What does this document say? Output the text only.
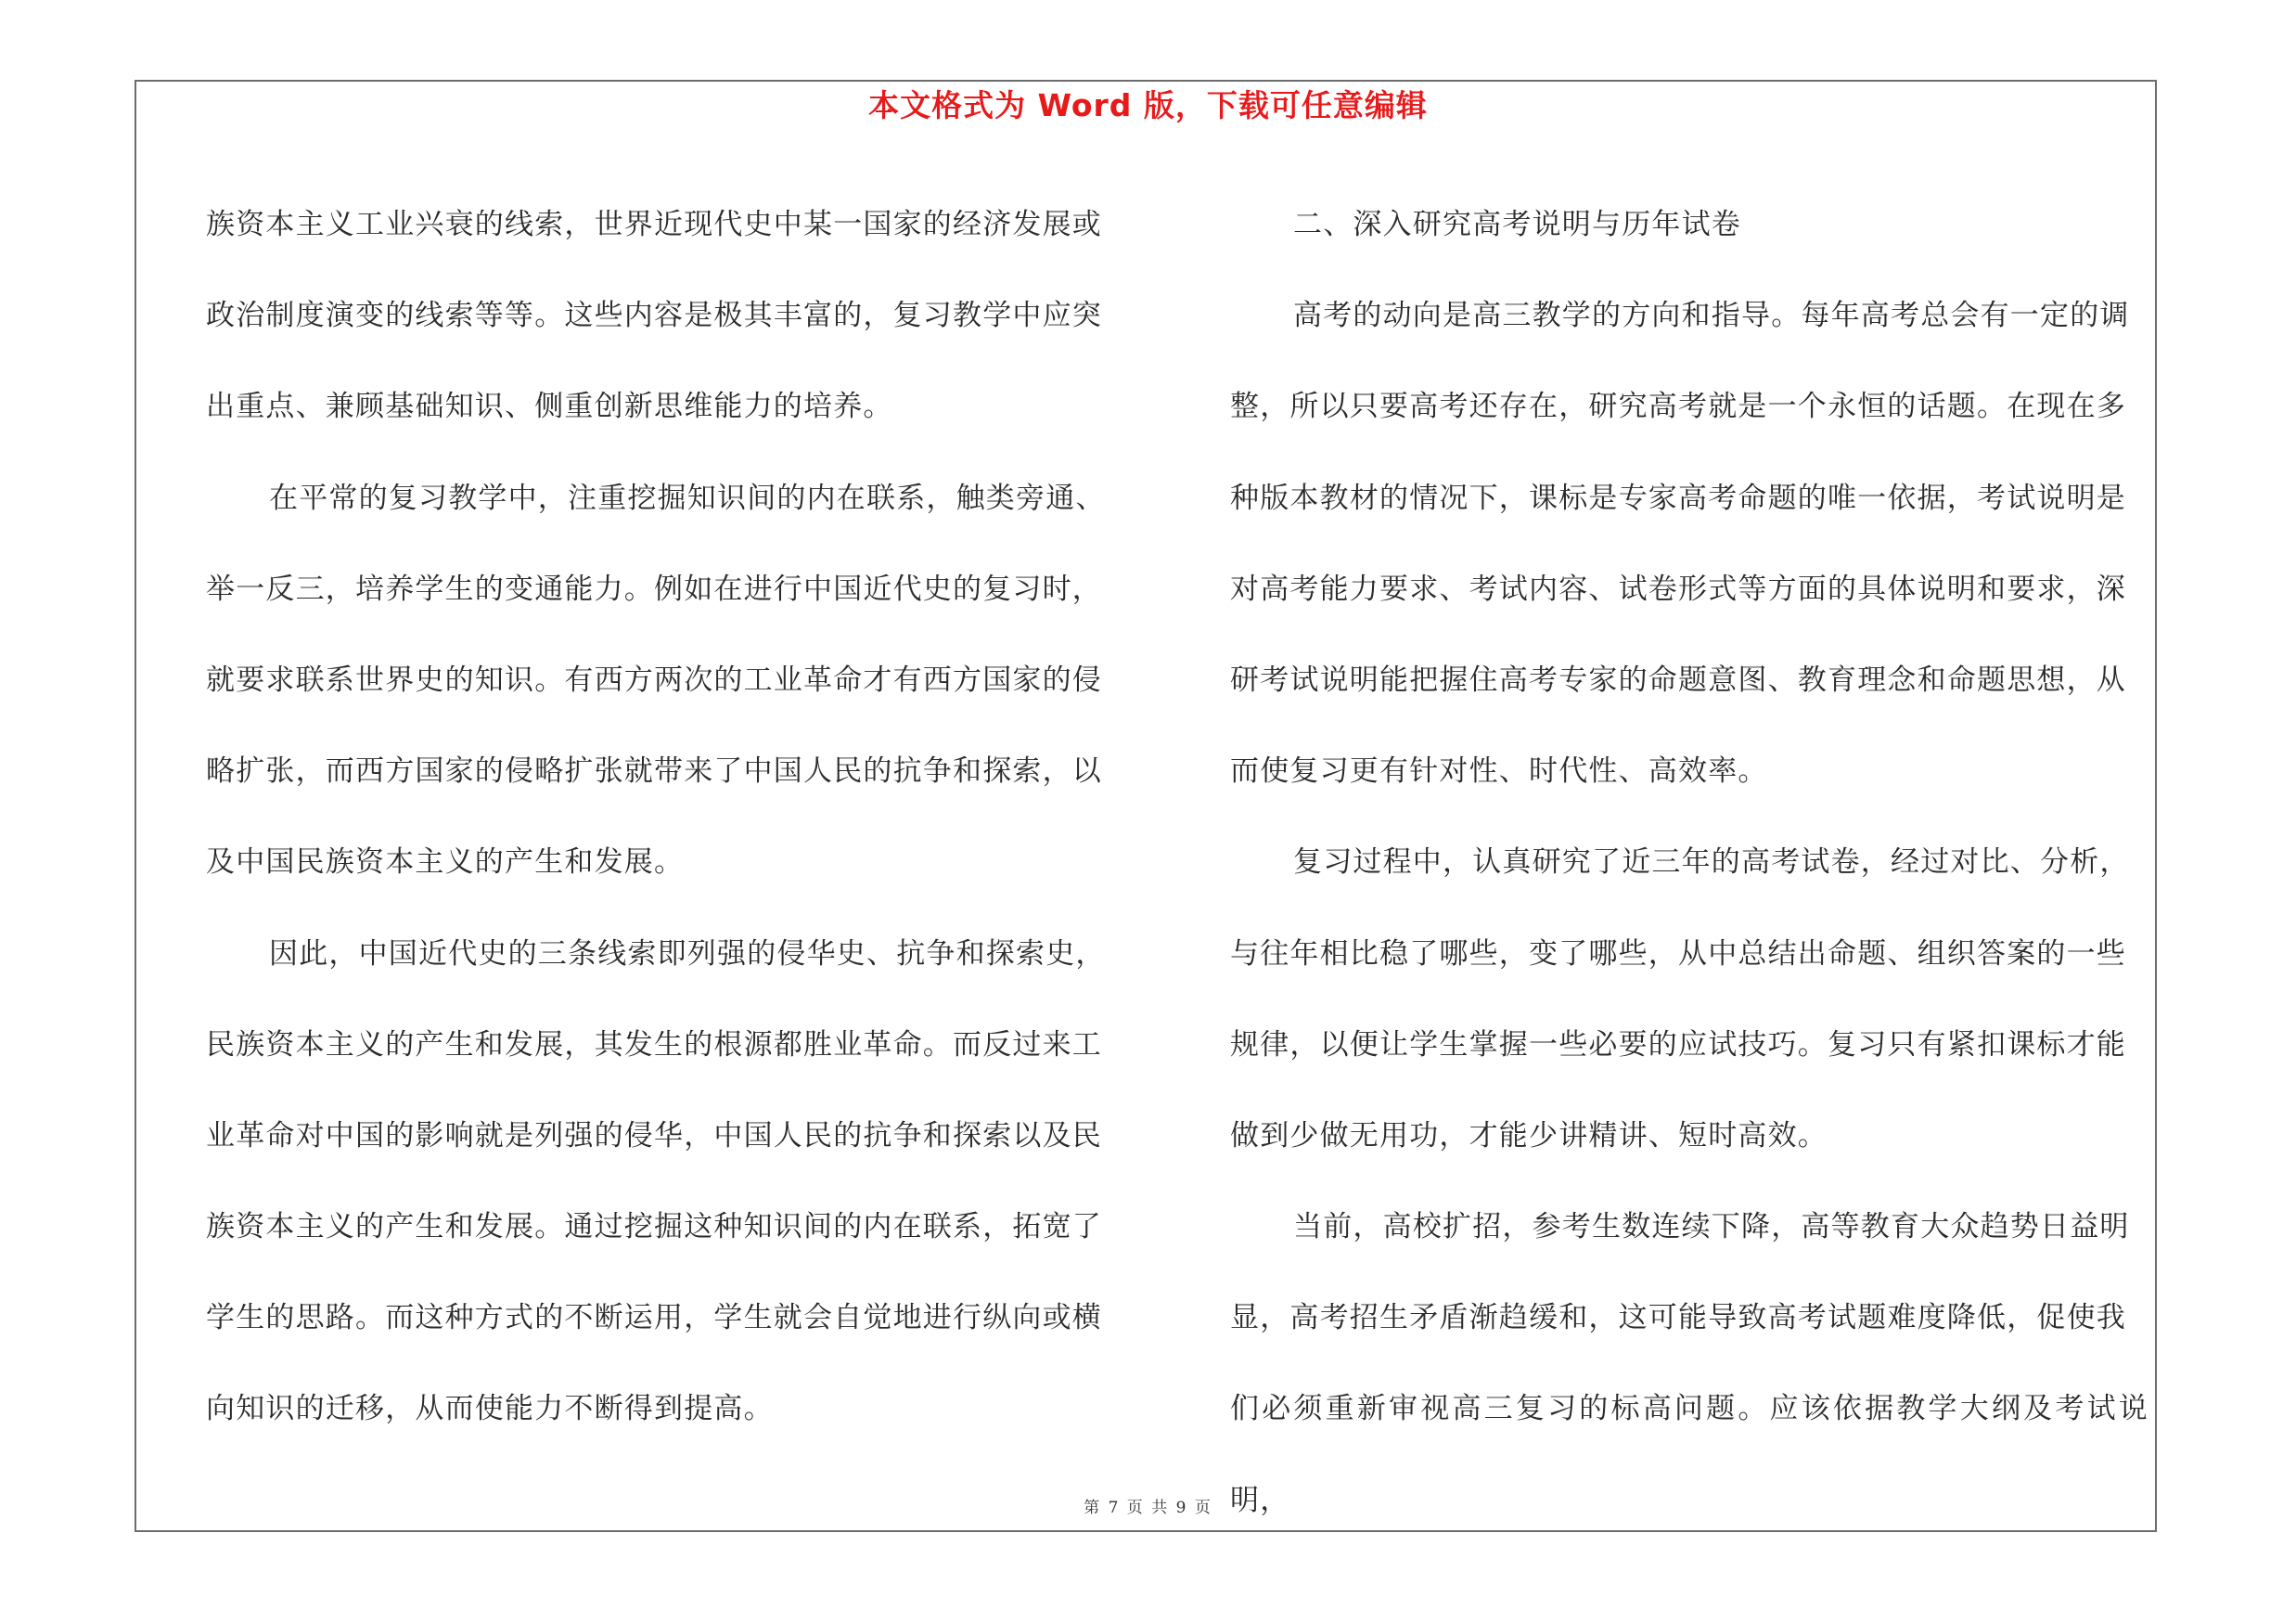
本文格式为 Word 版，下载可任意编辑
族资本主义工业兴衰的线索，世界近现代史中某一国家的经济发展或
政治制度演变的线索等等。这些内容是极其丰富的，复习教学中应突
出重点、兼顾基础知识、侧重创新思维能力的培养。
在平常的复习教学中，注重挖掘知识间的内在联系，触类旁通、
举一反三，培养学生的变通能力。例如在进行中国近代史的复习时，
就要求联系世界史的知识。有西方两次的工业革命才有西方国家的侵
略扩张，而西方国家的侵略扩张就带来了中国人民的抗争和探索，以
及中国民族资本主义的产生和发展。
因此，中国近代史的三条线索即列强的侵华史、抗争和探索史，
民族资本主义的产生和发展，其发生的根源都胜业革命。而反过来工
业革命对中国的影响就是列强的侵华，中国人民的抗争和探索以及民
族资本主义的产生和发展。通过挖掘这种知识间的内在联系，拓宽了
学生的思路。而这种方式的不断运用，学生就会自觉地进行纵向或横
向知识的迁移，从而使能力不断得到提高。
二、深入研究高考说明与历年试卷
高考的动向是高三教学的方向和指导。每年高考总会有一定的调
整，所以只要高考还存在，研究高考就是一个永恒的话题。在现在多
种版本教材的情况下，课标是专家高考命题的唯一依据，考试说明是
对高考能力要求、考试内容、试卷形式等方面的具体说明和要求，深
研考试说明能把握住高考专家的命题意图、教育理念和命题思想，从
而使复习更有针对性、时代性、高效率。
复习过程中，认真研究了近三年的高考试卷，经过对比、分析，
与往年相比稳了哪些，变了哪些，从中总结出命题、组织答案的一些
规律，以便让学生掌握一些必要的应试技巧。复习只有紧扣课标才能
做到少做无用功，才能少讲精讲、短时高效。
当前，高校扩招，参考生数连续下降，高等教育大众趋势日益明
显，高考招生矛盾渐趋缓和，这可能导致高考试题难度降低，促使我
们必须重新审视高三复习的标高问题。应该依据教学大纲及考试说明，
第 7 页 共 9 页
